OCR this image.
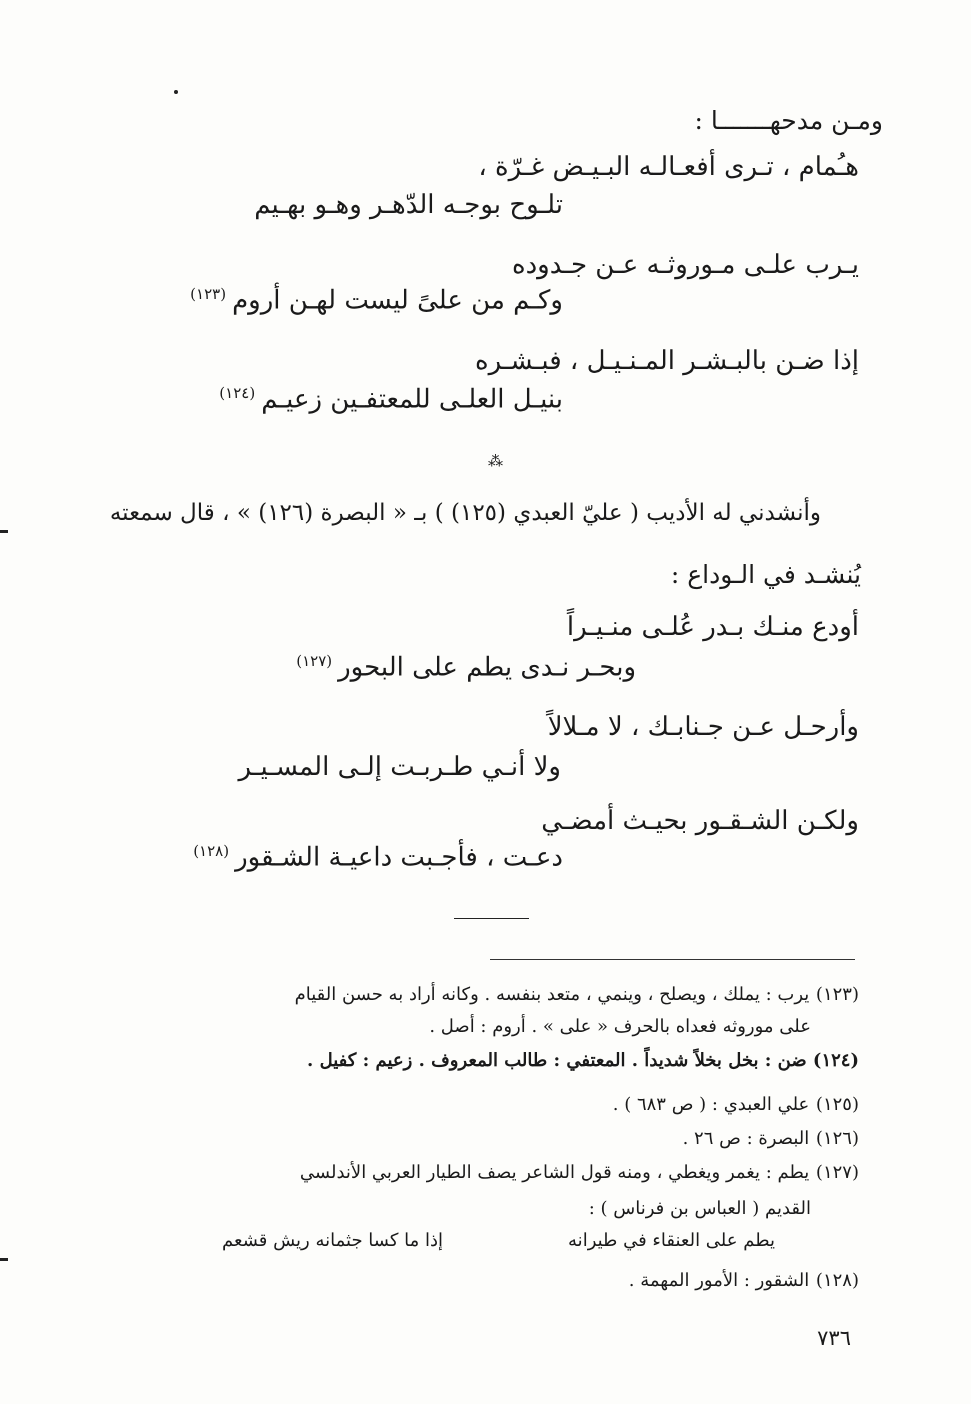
ومـن مدحهـــــــا :

هـُمام ، تـرى أفعـالـه البـيـض غـرّة ،

تلـوح بوجـه الدّهـر وهـو بهـيم

يـرب علـى مـوروثـه عـن جـدوده

وكـم من علىً ليست لهـن أروم$^{(١٢٣)}$

إذا ضـن بالبـشـر المـنـيـل ، فبـشـره

بنيـل العلـى للمعتفـين زعيـم$^{(١٢٤)}$

⁂

وأنشدني له الأديب ( عليّ العبدي (١٢٥) ) بـ « البصرة (١٢٦) » ، قال سمعته

يُنشـد في الـوداع :

أودع منـك بـدر عُلـى منـيـراً

وبحـر نـدى يطم على البحور$^{(١٢٧)}$

وأرحـل عـن جـنابـك ، لا مـلالاً

ولا أنـي طـربـت إلـى المسـيـر

ولكـن الشـقـور بحيـث أمضـي

دعـت ، فأجـبت داعيـة الشـقور$^{(١٢٨)}$

(١٢٣) يرب : يملك ، ويصلح ، وينمي ، متعد بنفسه . وكانه أراد به حسن القيام

على موروثه فعداه بالحرف « على » . أروم : أصل .

(١٢٤) ضن : بخل بخلاً شديداً . المعتفي : طالب المعروف . زعيم : كفيل .

(١٢٥) علي العبدي : ( ص ٦٨٣ ) .

(١٢٦) البصرة : ص ٢٦ .

(١٢٧) يطم : يغمر ويغطي ، ومنه قول الشاعر يصف الطيار العربي الأندلسي

القديم ( العباس بن فرناس ) :

يطم على العنقاء في طيرانه

إذا ما كسا جثمانه ريش قشعم

(١٢٨) الشقور : الأمور المهمة .

٧٣٦
